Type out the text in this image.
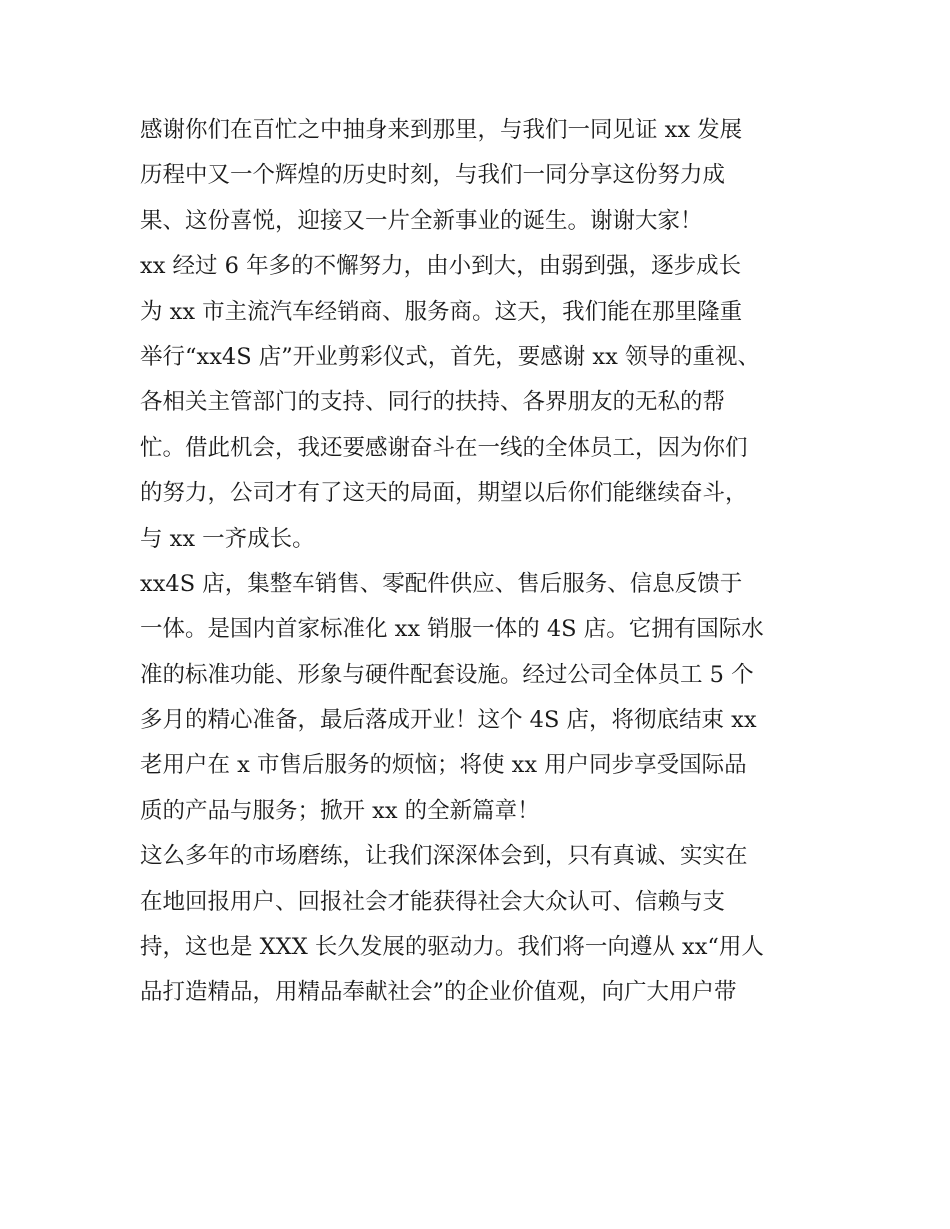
感谢你们在百忙之中抽身来到那里，与我们一同见证 xx 发展
历程中又一个辉煌的历史时刻，与我们一同分享这份努力成
果、这份喜悦，迎接又一片全新事业的诞生。谢谢大家！
xx 经过 6 年多的不懈努力，由小到大，由弱到强，逐步成长
为 xx 市主流汽车经销商、服务商。这天，我们能在那里隆重
举行“xx4S 店”开业剪彩仪式，首先，要感谢 xx 领导的重视、
各相关主管部门的支持、同行的扶持、各界朋友的无私的帮
忙。借此机会，我还要感谢奋斗在一线的全体员工，因为你们
的努力，公司才有了这天的局面，期望以后你们能继续奋斗，
与 xx 一齐成长。
xx4S 店，集整车销售、零配件供应、售后服务、信息反馈于
一体。是国内首家标准化 xx 销服一体的 4S 店。它拥有国际水
准的标准功能、形象与硬件配套设施。经过公司全体员工 5 个
多月的精心准备，最后落成开业！这个 4S 店，将彻底结束 xx
老用户在 x 市售后服务的烦恼；将使 xx 用户同步享受国际品
质的产品与服务；掀开 xx 的全新篇章！
这么多年的市场磨练，让我们深深体会到，只有真诚、实实在
在地回报用户、回报社会才能获得社会大众认可、信赖与支
持，这也是 XXX 长久发展的驱动力。我们将一向遵从 xx“用人
品打造精品，用精品奉献社会”的企业价值观，向广大用户带
